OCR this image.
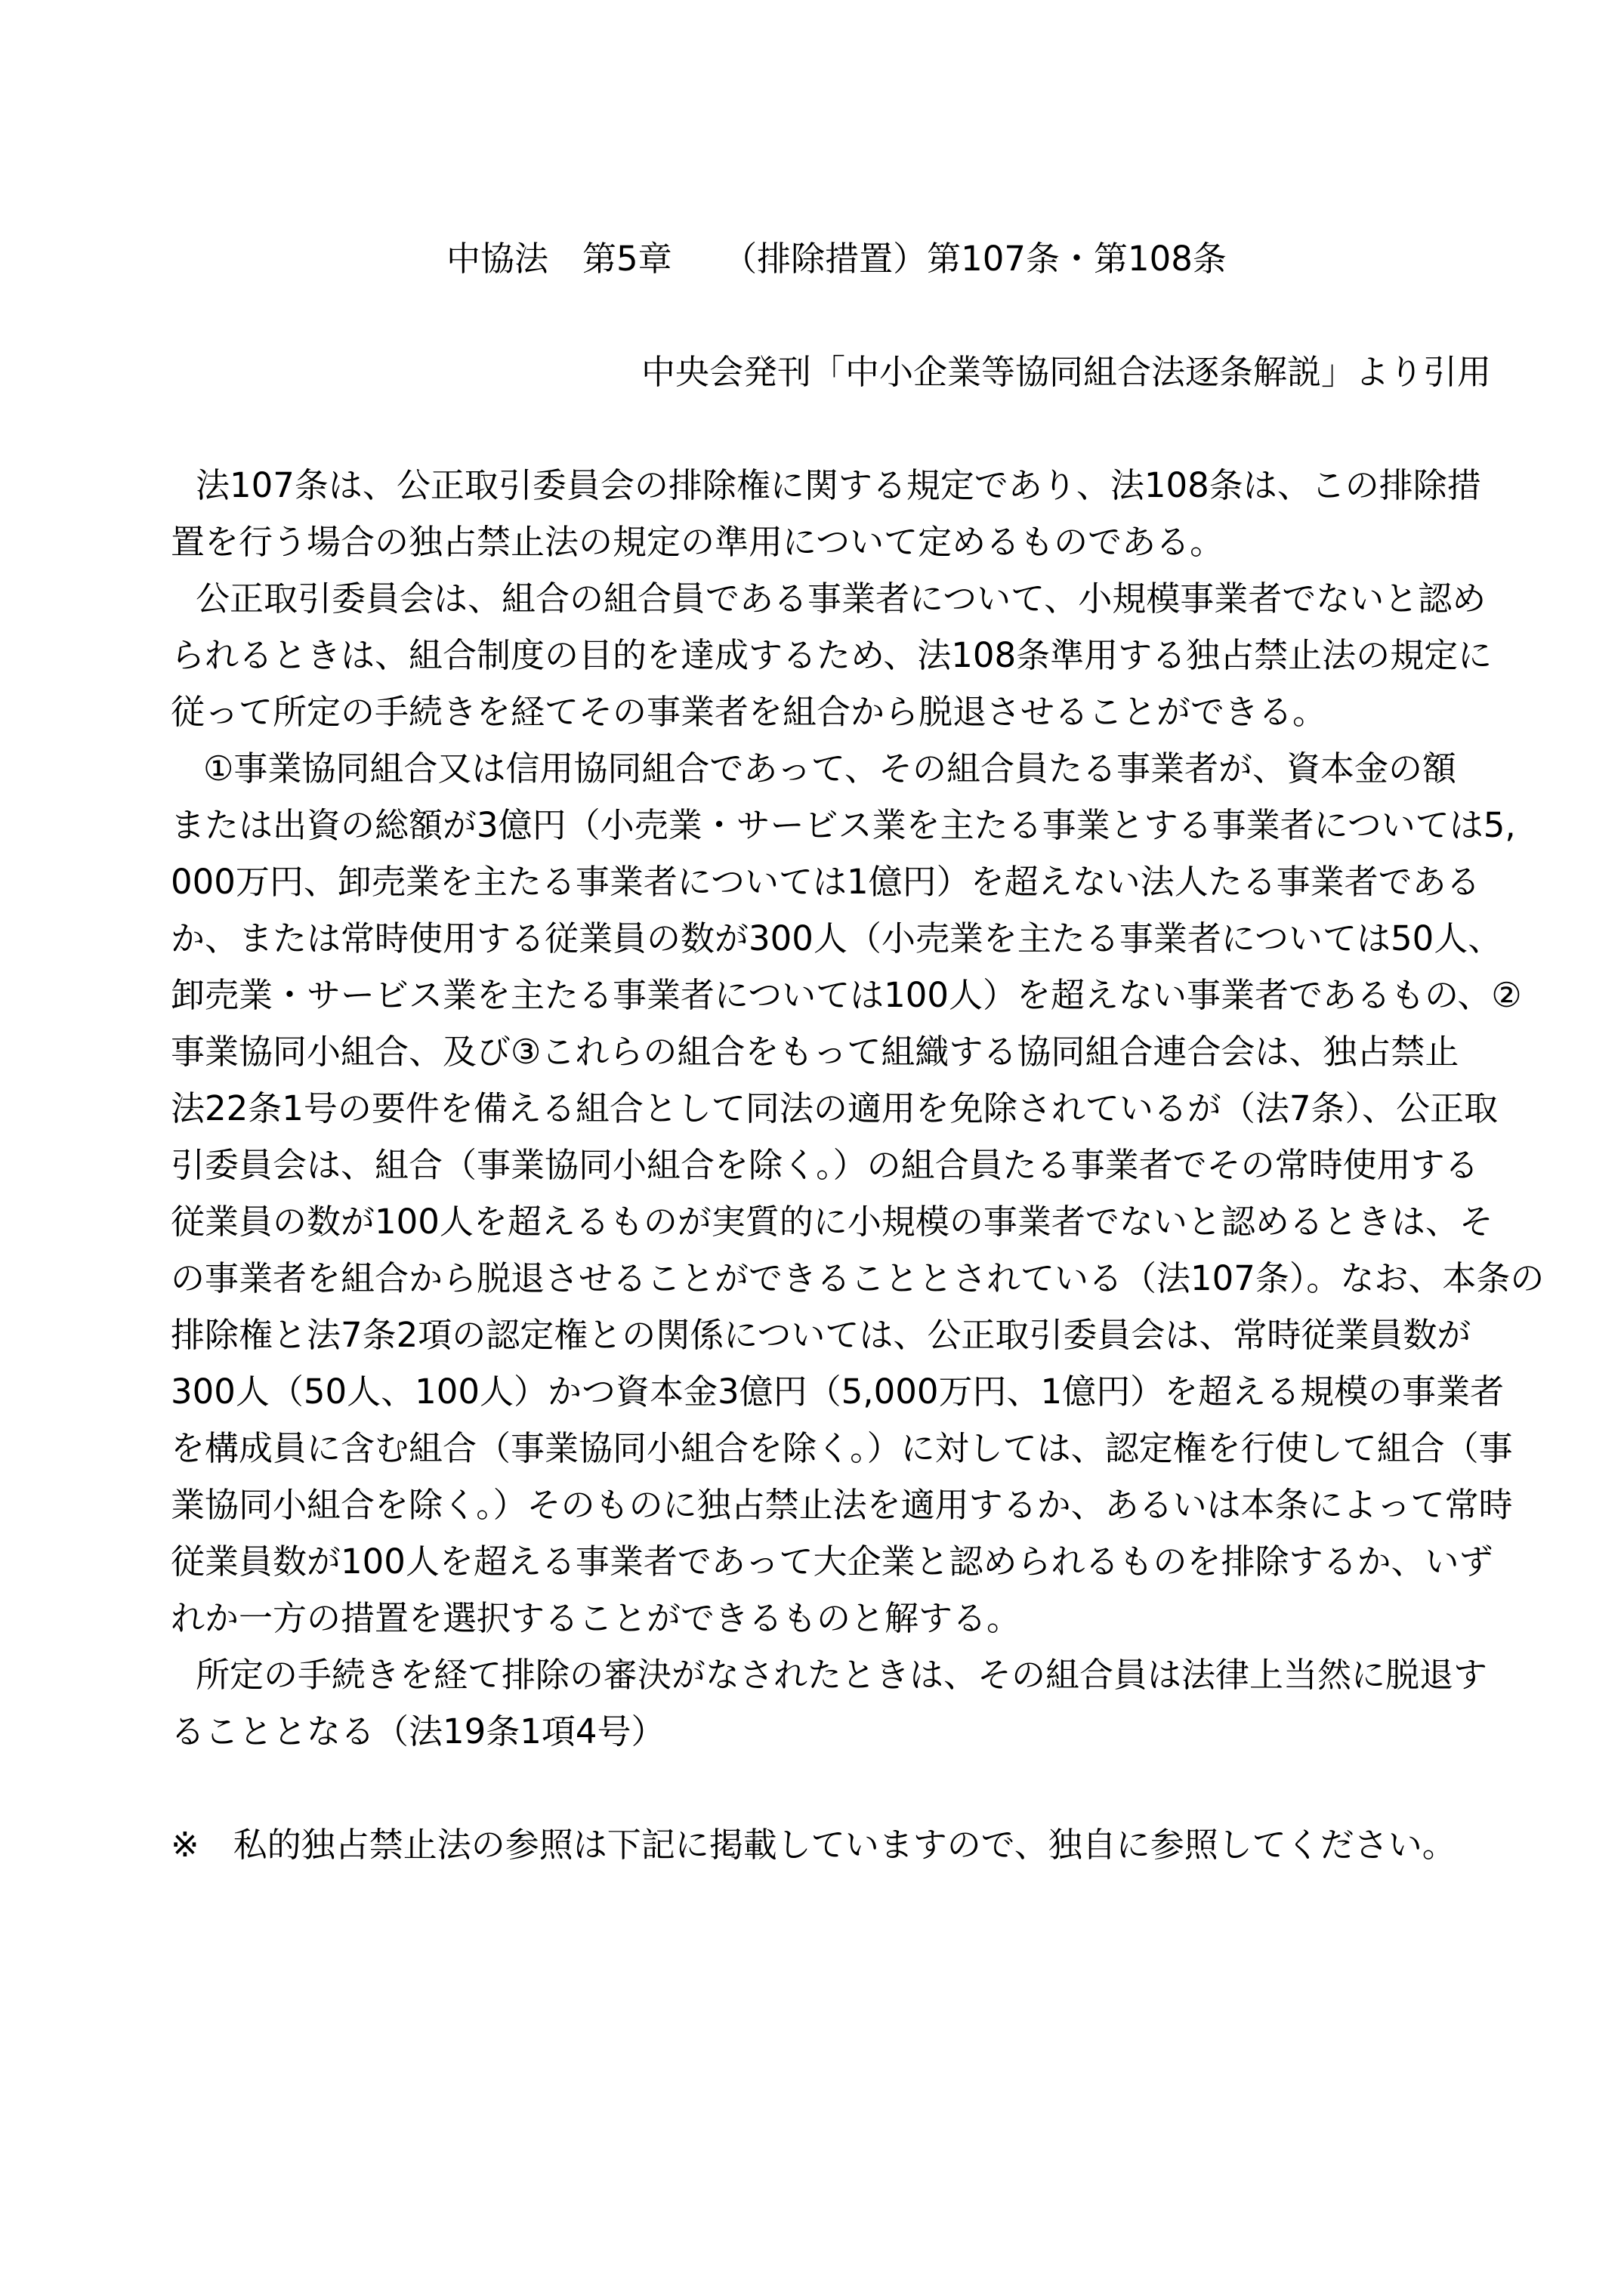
中協法　第5章　　（排除措置）第107条・第108条
中央会発刊「中小企業等協同組合法逐条解説」より引用
法107条は、公正取引委員会の排除権に関する規定であり、法108条は、この排除措
置を行う場合の独占禁止法の規定の準用について定めるものである。
公正取引委員会は、組合の組合員である事業者について、小規模事業者でないと認め
られるときは、組合制度の目的を達成するため、法108条準用する独占禁止法の規定に
従って所定の手続きを経てその事業者を組合から脱退させることができる。
①事業協同組合又は信用協同組合であって、その組合員たる事業者が、資本金の額
または出資の総額が3億円（小売業・サービス業を主たる事業とする事業者については5,
000万円、卸売業を主たる事業者については1億円）を超えない法人たる事業者である
か、または常時使用する従業員の数が300人（小売業を主たる事業者については50人、
卸売業・サービス業を主たる事業者については100人）を超えない事業者であるもの、②
事業協同小組合、及び③これらの組合をもって組織する協同組合連合会は、独占禁止
法22条1号の要件を備える組合として同法の適用を免除されているが（法7条）、公正取
引委員会は、組合（事業協同小組合を除く。）の組合員たる事業者でその常時使用する
従業員の数が100人を超えるものが実質的に小規模の事業者でないと認めるときは、そ
の事業者を組合から脱退させることができることとされている（法107条）。なお、本条の
排除権と法7条2項の認定権との関係については、公正取引委員会は、常時従業員数が
300人（50人、100人）かつ資本金3億円（5,000万円、1億円）を超える規模の事業者
を構成員に含む組合（事業協同小組合を除く。）に対しては、認定権を行使して組合（事
業協同小組合を除く。）そのものに独占禁止法を適用するか、あるいは本条によって常時
従業員数が100人を超える事業者であって大企業と認められるものを排除するか、いず
れか一方の措置を選択することができるものと解する。
所定の手続きを経て排除の審決がなされたときは、その組合員は法律上当然に脱退す
ることとなる（法19条1項4号）
※　私的独占禁止法の参照は下記に掲載していますので、独自に参照してください。
